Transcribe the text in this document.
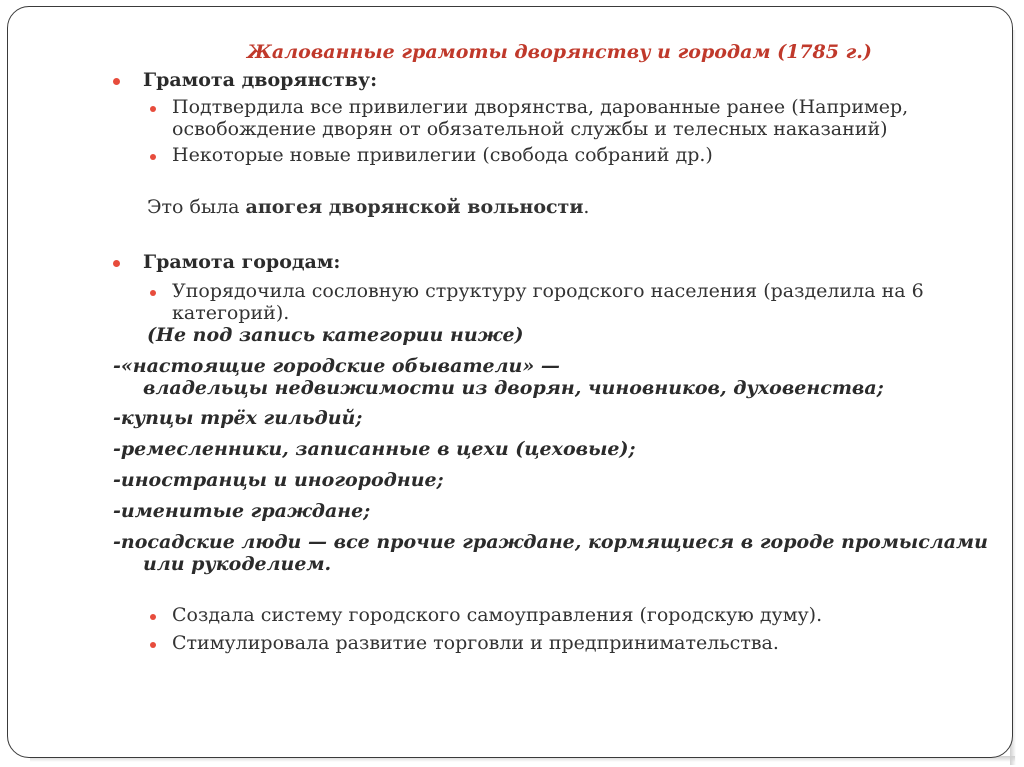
Жалованные грамоты дворянству и городам (1785 г.)
Грамота дворянству:
Подтвердила все привилегии дворянства, дарованные ранее (Например,
освобождение дворян от обязательной службы и телесных наказаний)
Некоторые новые привилегии (свобода собраний др.)
Это была апогея дворянской вольности.
Грамота городам:
Упорядочила сословную структуру городского населения (разделила на 6
категорий).
(Не под запись категории ниже)
-«настоящие городские обыватели» —
владельцы недвижимости из дворян, чиновников, духовенства;
-купцы трёх гильдий;
-ремесленники, записанные в цехи (цеховые);
-иностранцы и иногородние;
-именитые граждане;
-посадские люди — все прочие граждане, кормящиеся в городе промыслами
или рукоделием.
Создала систему городского самоуправления (городскую думу).
Стимулировала развитие торговли и предпринимательства.
